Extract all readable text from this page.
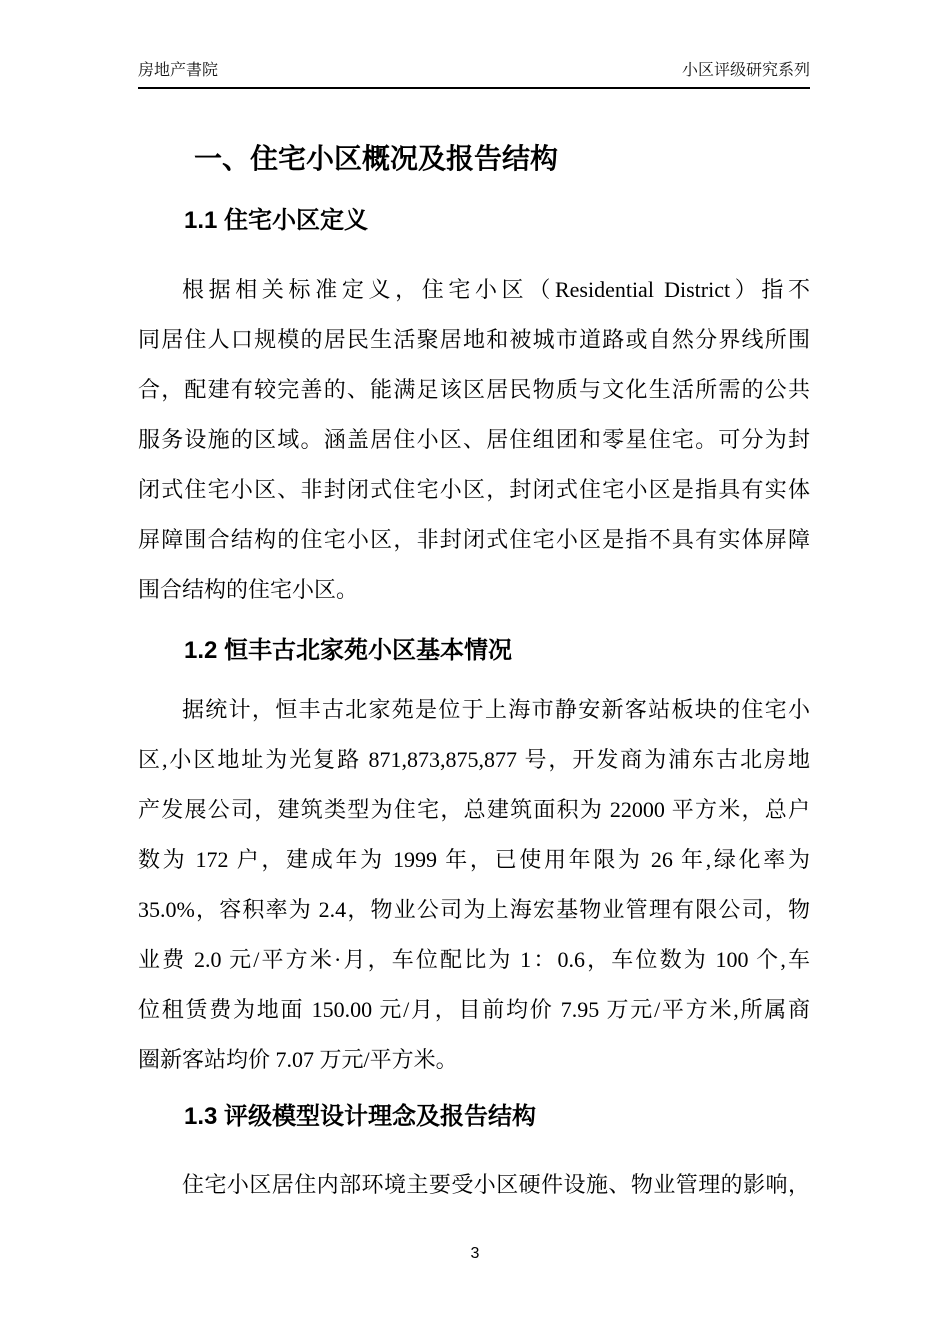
房地产書院	小区评级研究系列
一、住宅小区概况及报告结构
1.1 住宅小区定义
根据相关标准定义，住宅小区（Residential District）指不
同居住人口规模的居民生活聚居地和被城市道路或自然分界线所围
合，配建有较完善的、能满足该区居民物质与文化生活所需的公共
服务设施的区域。涵盖居住小区、居住组团和零星住宅。可分为封
闭式住宅小区、非封闭式住宅小区，封闭式住宅小区是指具有实体
屏障围合结构的住宅小区，非封闭式住宅小区是指不具有实体屏障
围合结构的住宅小区。
1.2 恒丰古北家苑小区基本情况
据统计，恒丰古北家苑是位于上海市静安新客站板块的住宅小
区,小区地址为光复路 871,873,875,877 号，开发商为浦东古北房地
产发展公司，建筑类型为住宅，总建筑面积为 22000 平方米，总户
数为 172 户，建成年为 1999 年，已使用年限为 26 年,绿化率为
35.0%，容积率为 2.4，物业公司为上海宏基物业管理有限公司，物
业费 2.0 元/平方米·月，车位配比为 1：0.6，车位数为 100 个,车
位租赁费为地面 150.00 元/月，目前均价 7.95 万元/平方米,所属商
圈新客站均价 7.07 万元/平方米。
1.3 评级模型设计理念及报告结构
住宅小区居住内部环境主要受小区硬件设施、物业管理的影响，
3
